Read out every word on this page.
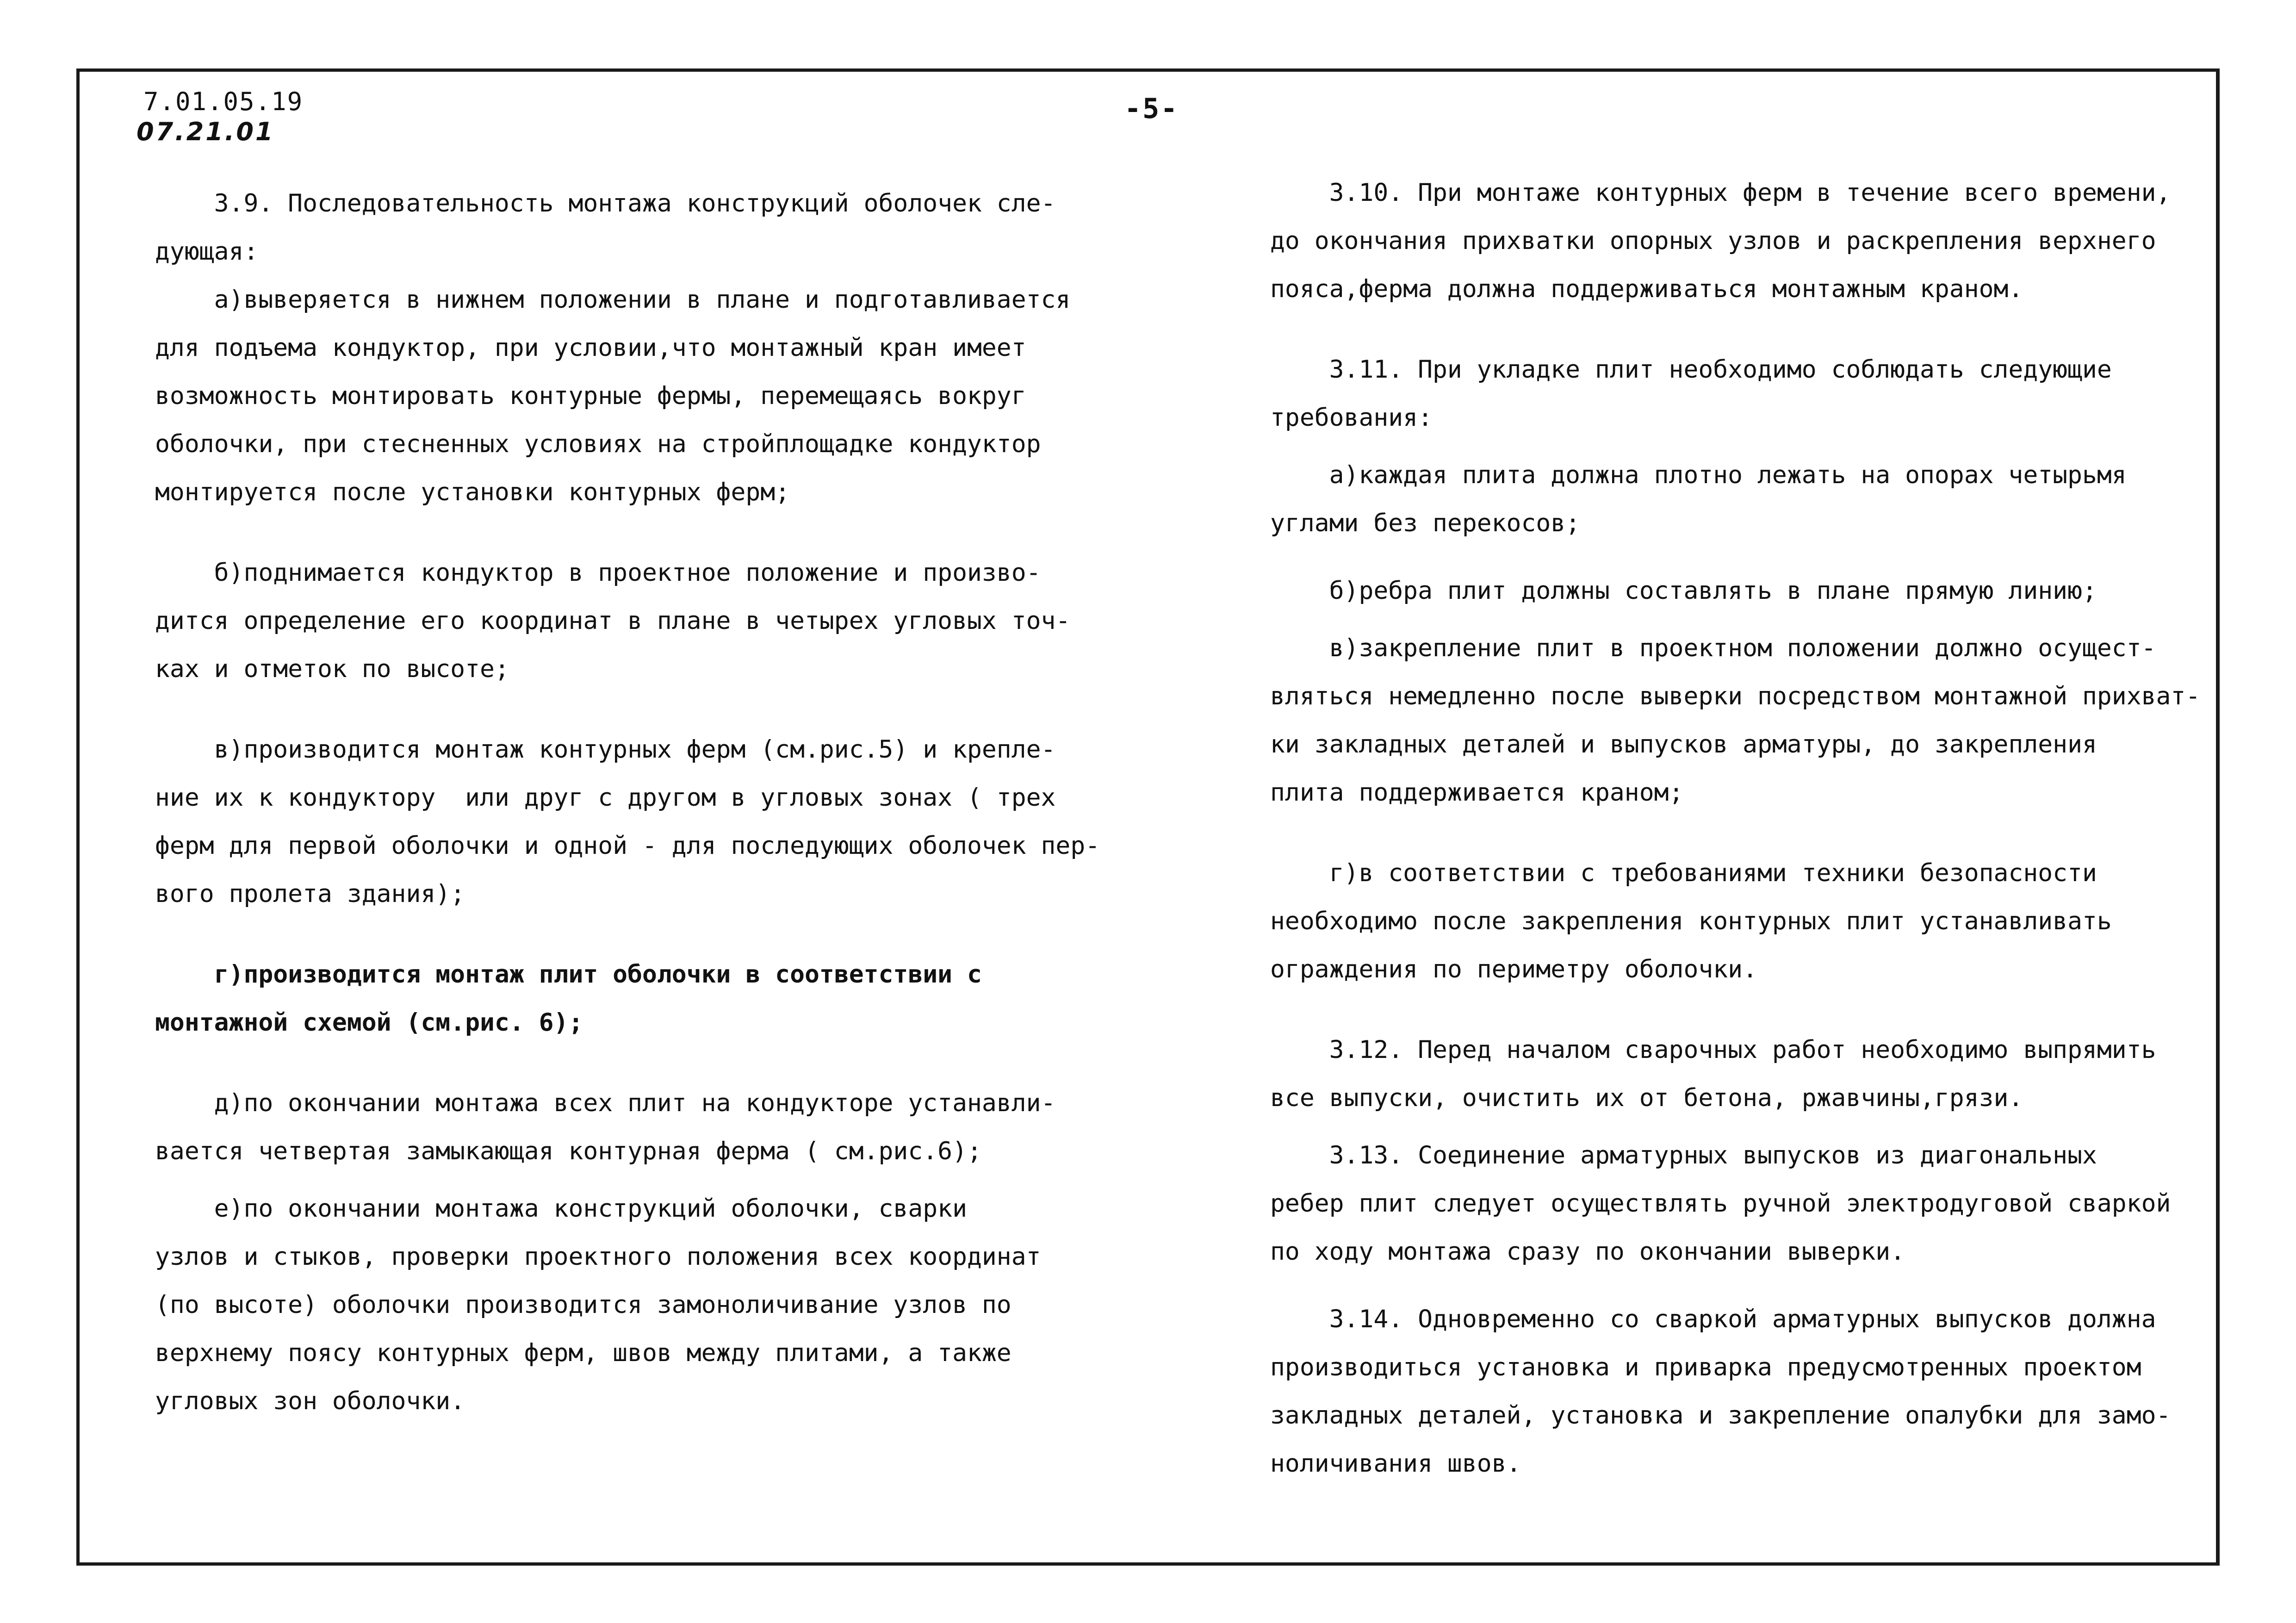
7.01.05.19
07.21.01
-5-

3.9. Последовательность монтажа конструкций оболочек сле-

дующая:

а)выверяется в нижнем положении в плане и подготавливается

для подъема кондуктор, при условии,что монтажный кран имеет

возможность монтировать контурные фермы, перемещаясь вокруг

оболочки, при стесненных условиях на стройплощадке кондуктор

монтируется после установки контурных ферм;

б)поднимается кондуктор в проектное положение и произво-

дится определение его координат в плане в четырех угловых точ-

ках и отметок по высоте;

в)производится монтаж контурных ферм (см.рис.5) и крепле-

ние их к кондуктору  или друг с другом в угловых зонах ( трех

ферм для первой оболочки и одной - для последующих оболочек пер-

вого пролета здания);

г)производится монтаж плит оболочки в соответствии с

монтажной схемой (см.рис. 6);

д)по окончании монтажа всех плит на кондукторе устанавли-

вается четвертая замыкающая контурная ферма ( см.рис.6);

е)по окончании монтажа конструкций оболочки, сварки

узлов и стыков, проверки проектного положения всех координат

(по высоте) оболочки производится замоноличивание узлов по

верхнему поясу контурных ферм, швов между плитами, а также

угловых зон оболочки.

3.10. При монтаже контурных ферм в течение всего времени,

до окончания прихватки опорных узлов и раскрепления верхнего

пояса,ферма должна поддерживаться монтажным краном.

3.11. При укладке плит необходимо соблюдать следующие

требования:

а)каждая плита должна плотно лежать на опорах четырьмя

углами без перекосов;

б)ребра плит должны составлять в плане прямую линию;

в)закрепление плит в проектном положении должно осущест-

вляться немедленно после выверки посредством монтажной прихват-

ки закладных деталей и выпусков арматуры, до закрепления

плита поддерживается краном;

г)в соответствии с требованиями техники безопасности

необходимо после закрепления контурных плит устанавливать

ограждения по периметру оболочки.

3.12. Перед началом сварочных работ необходимо выпрямить

все выпуски, очистить их от бетона, ржавчины,грязи.

3.13. Соединение арматурных выпусков из диагональных

ребер плит следует осуществлять ручной электродуговой сваркой

по ходу монтажа сразу по окончании выверки.

3.14. Одновременно со сваркой арматурных выпусков должна

производиться установка и приварка предусмотренных проектом

закладных деталей, установка и закрепление опалубки для замо-

ноличивания швов.
